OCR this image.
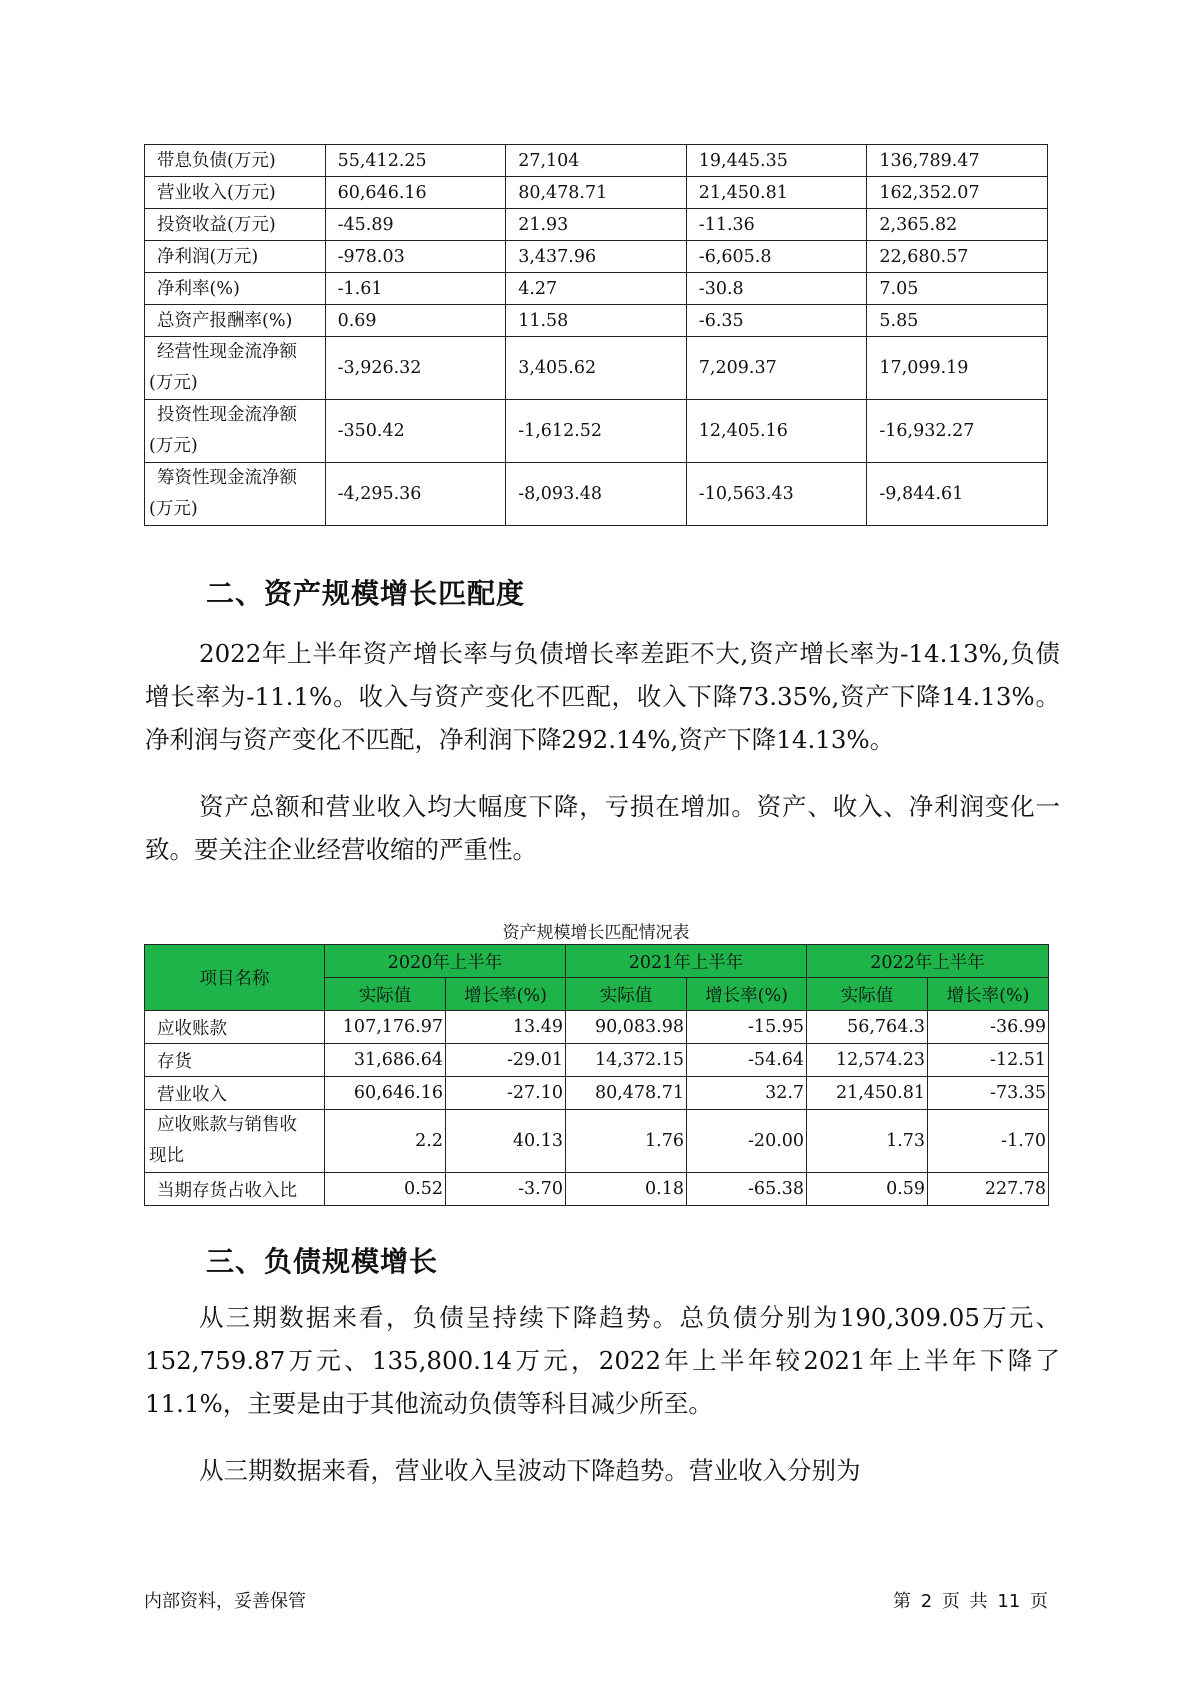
带息负债(万元)	55,412.25	27,104	19,445.35	136,789.47
营业收入(万元)	60,646.16	80,478.71	21,450.81	162,352.07
投资收益(万元)	-45.89	21.93	-11.36	2,365.82
净利润(万元)	-978.03	3,437.96	-6,605.8	22,680.57
净利率(%)	-1.61	4.27	-30.8	7.05
总资产报酬率(%)	0.69	11.58	-6.35	5.85

经营性现金流净额
(万元)	-3,926.32	3,405.62	7,209.37	17,099.19

投资性现金流净额
(万元)	-350.42	-1,612.52	12,405.16	-16,932.27

筹资性现金流净额
(万元)	-4,295.36	-8,093.48	-10,563.43	-9,844.61
二、资产规模增长匹配度

2022年上半年资产增长率与负债增长率差距不大,资产增长率为-14.13%,负债增长率为-11.1%。收入与资产变化不匹配，收入下降73.35%,资产下降14.13%。净利润与资产变化不匹配，净利润下降292.14%,资产下降14.13%。

资产总额和营业收入均大幅度下降，亏损在增加。资产、收入、净利润变化一致。要关注企业经营收缩的严重性。

资产规模增长匹配情况表
项目名称	2020年上半年		2021年上半年		2022年上半年	
	实际值	增长率(%)	实际值	增长率(%)	实际值	增长率(%)
应收账款	107,176.97	13.49	90,083.98	-15.95	56,764.3	-36.99
存货	31,686.64	-29.01	14,372.15	-54.64	12,574.23	-12.51
营业收入	60,646.16	-27.10	80,478.71	32.7	21,450.81	-73.35

应收账款与销售收
现比	2.2	40.13	1.76	-20.00	1.73	-1.70
当期存货占收入比	0.52	-3.70	0.18	-65.38	0.59	227.78
三、负债规模增长

从三期数据来看，负债呈持续下降趋势。总负债分别为190,309.05万元、152,759.87万元、135,800.14万元，2022年上半年较2021年上半年下降了11.1%，主要是由于其他流动负债等科目减少所至。

从三期数据来看，营业收入呈波动下降趋势。营业收入分别为

内部资料，妥善保管	第 2 页 共 11 页
